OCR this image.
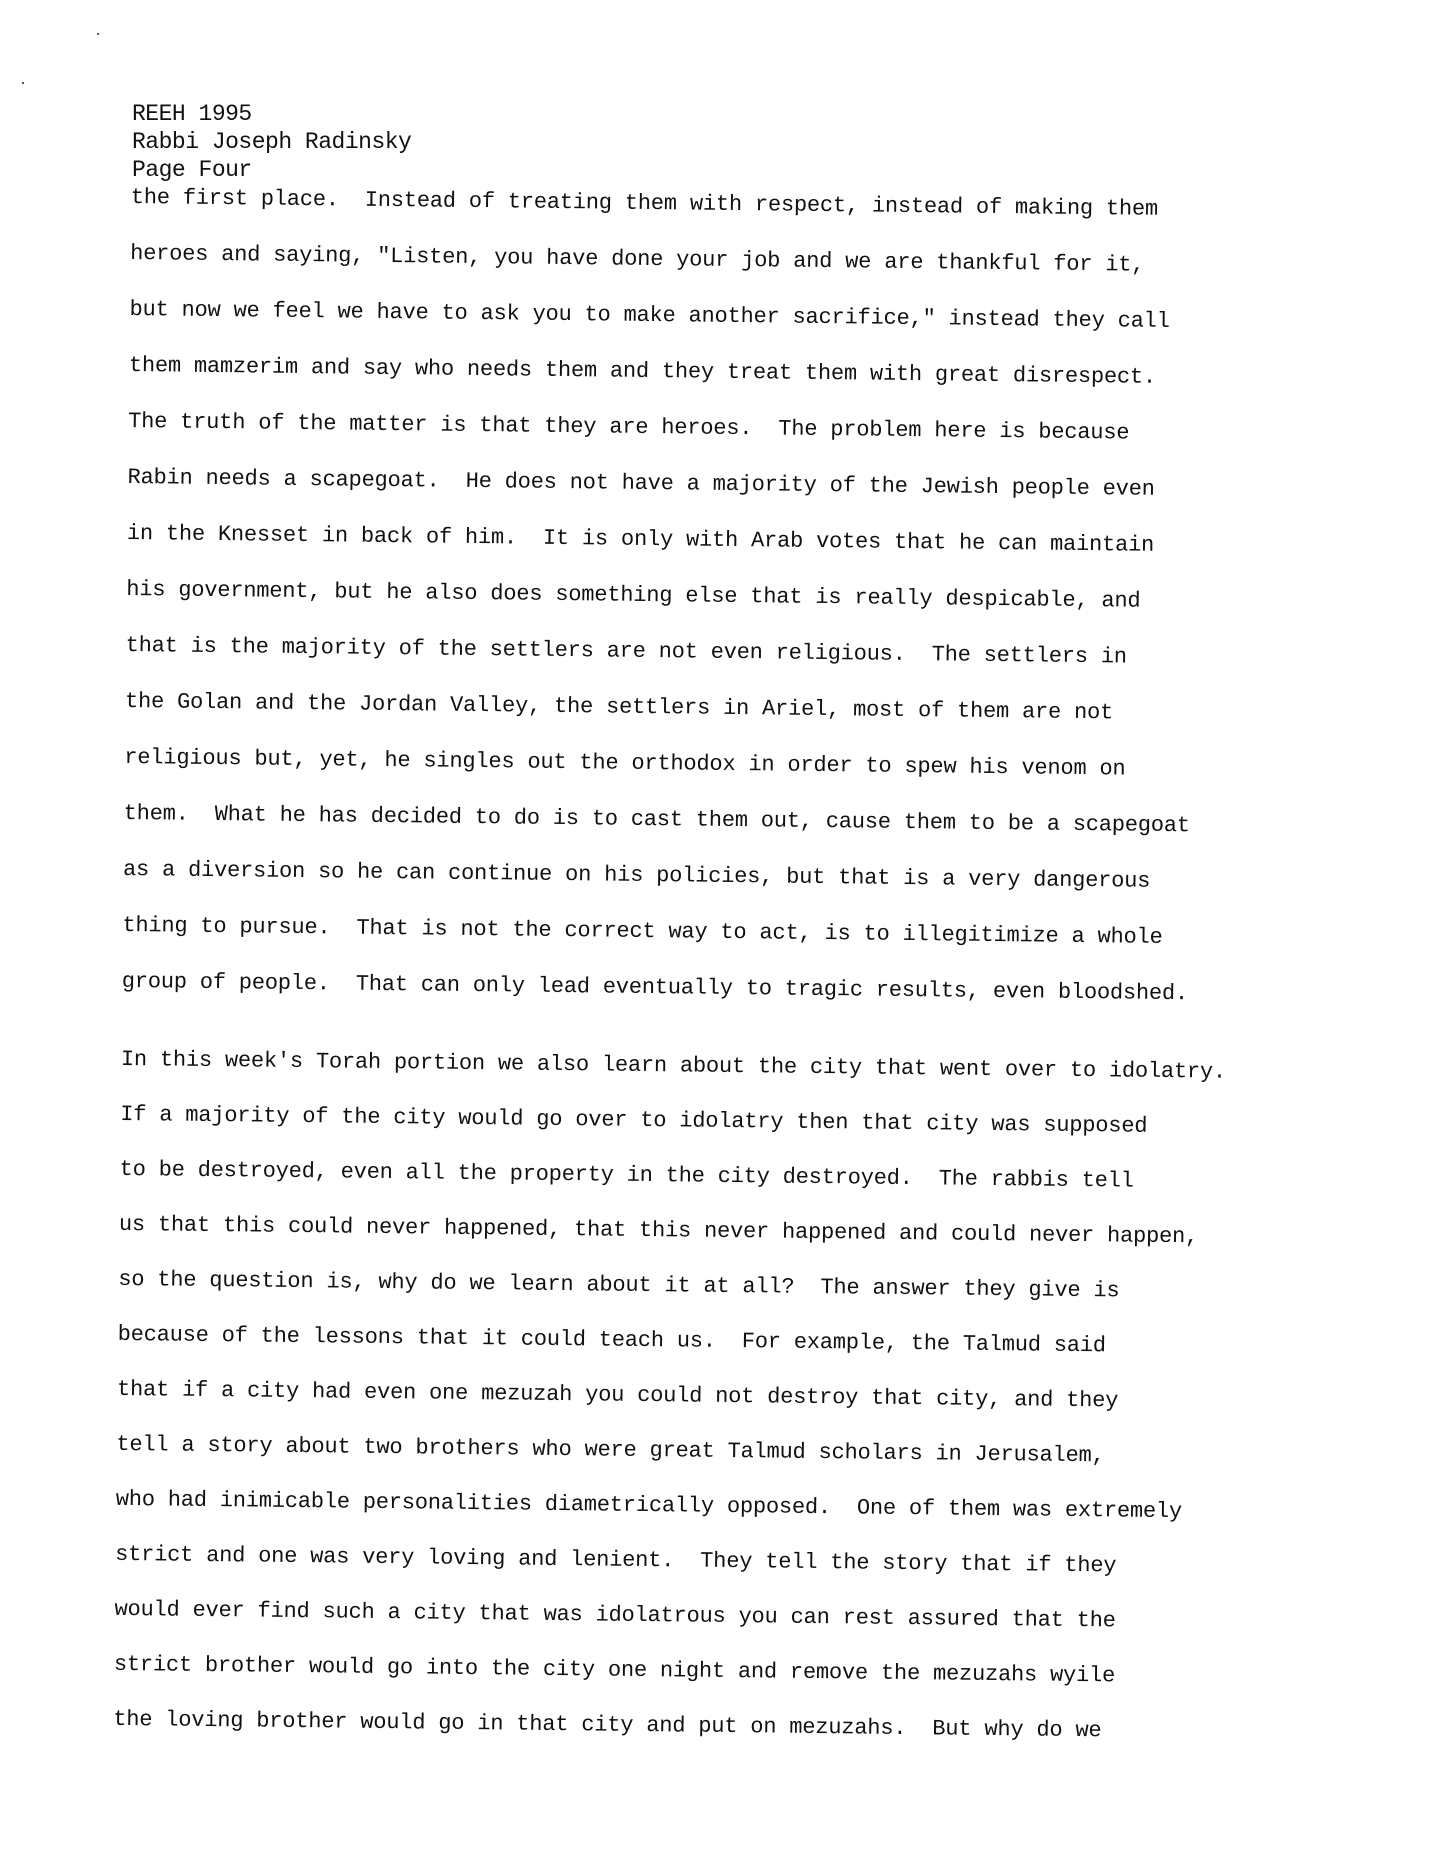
REEH 1995
Rabbi Joseph Radinsky
Page Four
the first place.  Instead of treating them with respect, instead of making them
heroes and saying, "Listen, you have done your job and we are thankful for it,
but now we feel we have to ask you to make another sacrifice," instead they call
them mamzerim and say who needs them and they treat them with great disrespect.
The truth of the matter is that they are heroes.  The problem here is because
Rabin needs a scapegoat.  He does not have a majority of the Jewish people even
in the Knesset in back of him.  It is only with Arab votes that he can maintain
his government, but he also does something else that is really despicable, and
that is the majority of the settlers are not even religious.  The settlers in
the Golan and the Jordan Valley, the settlers in Ariel, most of them are not
religious but, yet, he singles out the orthodox in order to spew his venom on
them.  What he has decided to do is to cast them out, cause them to be a scapegoat
as a diversion so he can continue on his policies, but that is a very dangerous
thing to pursue.  That is not the correct way to act, is to illegitimize a whole
group of people.  That can only lead eventually to tragic results, even bloodshed.
In this week's Torah portion we also learn about the city that went over to idolatry.
If a majority of the city would go over to idolatry then that city was supposed
to be destroyed, even all the property in the city destroyed.  The rabbis tell
us that this could never happened, that this never happened and could never happen,
so the question is, why do we learn about it at all?  The answer they give is
because of the lessons that it could teach us.  For example, the Talmud said
that if a city had even one mezuzah you could not destroy that city, and they
tell a story about two brothers who were great Talmud scholars in Jerusalem,
who had inimicable personalities diametrically opposed.  One of them was extremely
strict and one was very loving and lenient.  They tell the story that if they
would ever find such a city that was idolatrous you can rest assured that the
strict brother would go into the city one night and remove the mezuzahs wyile
the loving brother would go in that city and put on mezuzahs.  But why do we
